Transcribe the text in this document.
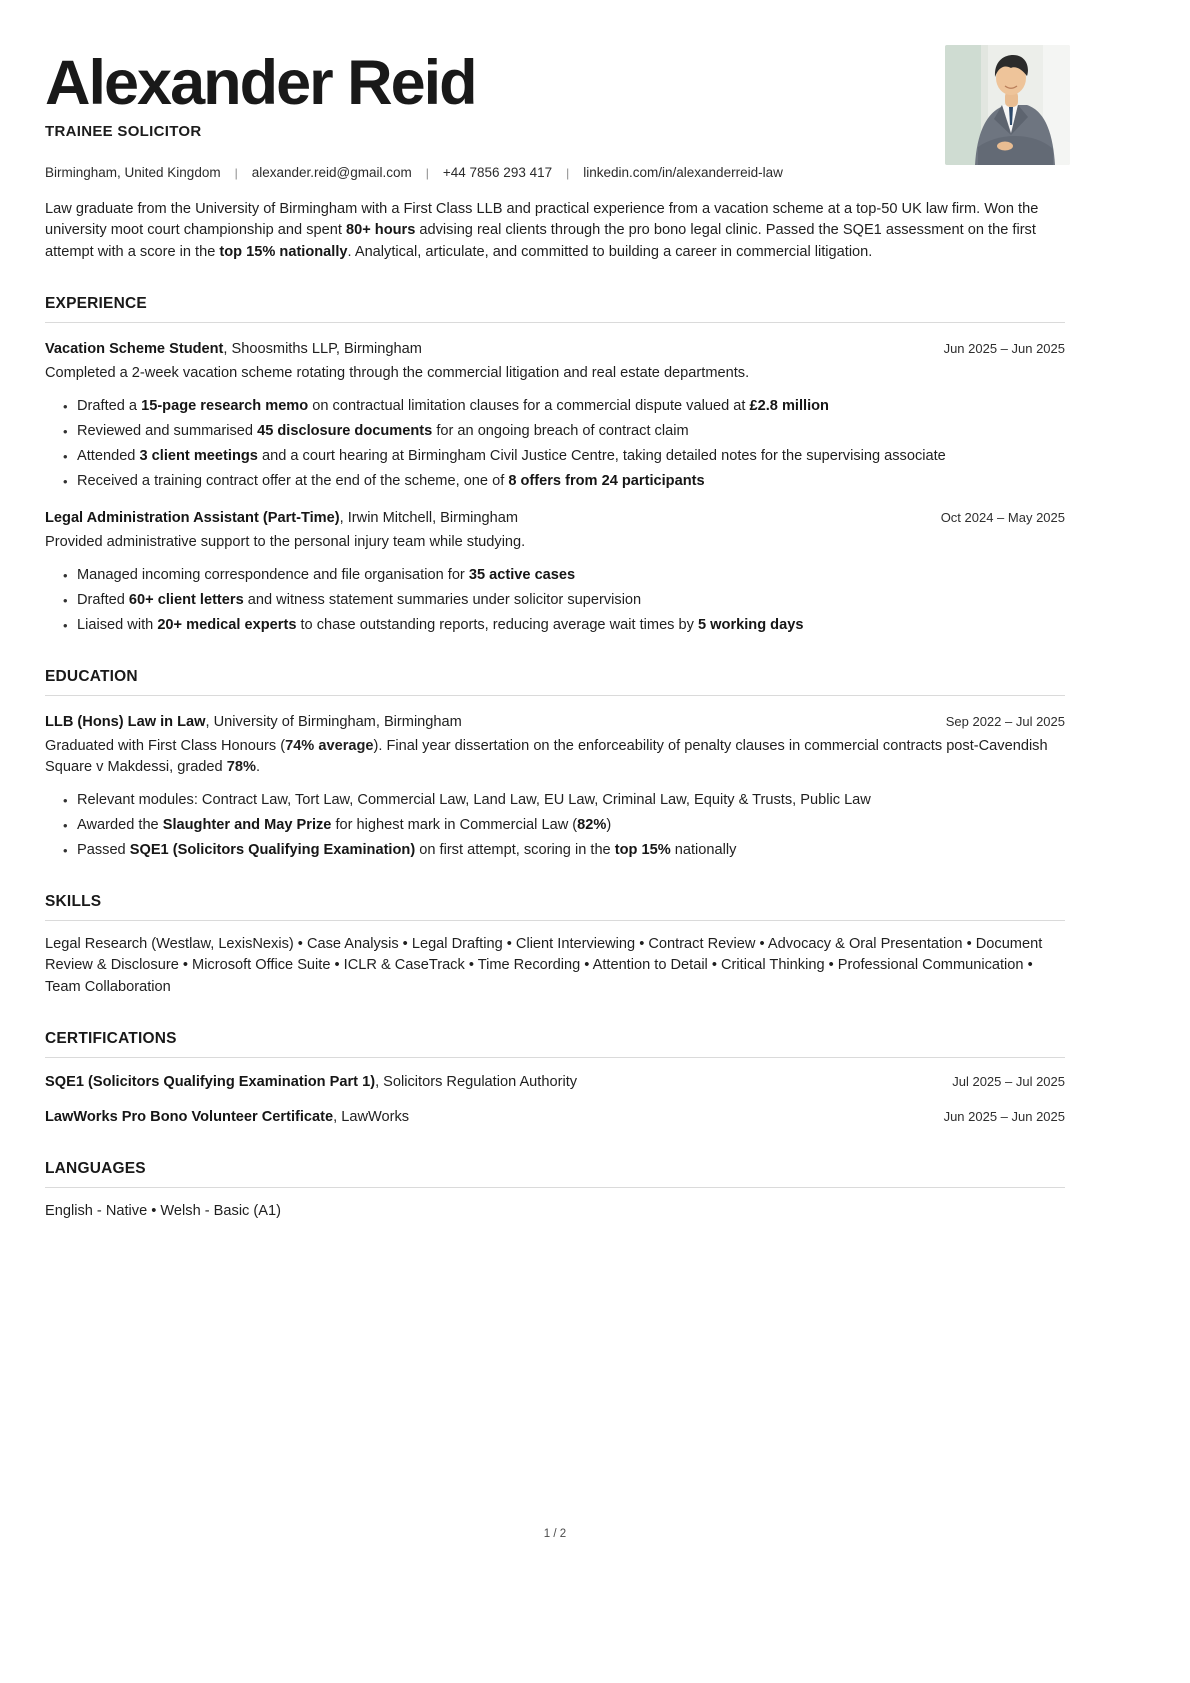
Alexander Reid
TRAINEE SOLICITOR
Birmingham, United Kingdom | alexander.reid@gmail.com | +44 7856 293 417 | linkedin.com/in/alexanderreid-law

Law graduate from the University of Birmingham with a First Class LLB and practical experience from a vacation scheme at a top-50 UK law firm. Won the university moot court championship and spent 80+ hours advising real clients through the pro bono legal clinic. Passed the SQE1 assessment on the first attempt with a score in the top 15% nationally. Analytical, articulate, and committed to building a career in commercial litigation.

EXPERIENCE
Vacation Scheme Student, Shoosmiths LLP, Birmingham	Jun 2025 – Jun 2025
Completed a 2-week vacation scheme rotating through the commercial litigation and real estate departments.
• Drafted a 15-page research memo on contractual limitation clauses for a commercial dispute valued at £2.8 million
• Reviewed and summarised 45 disclosure documents for an ongoing breach of contract claim
• Attended 3 client meetings and a court hearing at Birmingham Civil Justice Centre, taking detailed notes for the supervising associate
• Received a training contract offer at the end of the scheme, one of 8 offers from 24 participants
Legal Administration Assistant (Part-Time), Irwin Mitchell, Birmingham	Oct 2024 – May 2025
Provided administrative support to the personal injury team while studying.
• Managed incoming correspondence and file organisation for 35 active cases
• Drafted 60+ client letters and witness statement summaries under solicitor supervision
• Liaised with 20+ medical experts to chase outstanding reports, reducing average wait times by 5 working days
EDUCATION
LLB (Hons) Law in Law, University of Birmingham, Birmingham	Sep 2022 – Jul 2025
Graduated with First Class Honours (74% average). Final year dissertation on the enforceability of penalty clauses in commercial contracts post-Cavendish Square v Makdessi, graded 78%.
• Relevant modules: Contract Law, Tort Law, Commercial Law, Land Law, EU Law, Criminal Law, Equity & Trusts, Public Law
• Awarded the Slaughter and May Prize for highest mark in Commercial Law (82%)
• Passed SQE1 (Solicitors Qualifying Examination) on first attempt, scoring in the top 15% nationally
SKILLS

Legal Research (Westlaw, LexisNexis) • Case Analysis • Legal Drafting • Client Interviewing • Contract Review • Advocacy & Oral Presentation • Document Review & Disclosure • Microsoft Office Suite • ICLR & CaseTrack • Time Recording • Attention to Detail • Critical Thinking • Professional Communication • Team Collaboration

CERTIFICATIONS
SQE1 (Solicitors Qualifying Examination Part 1), Solicitors Regulation Authority	Jul 2025 – Jul 2025
LawWorks Pro Bono Volunteer Certificate, LawWorks	Jun 2025 – Jun 2025
LANGUAGES

English - Native • Welsh - Basic (A1)

1 / 2
